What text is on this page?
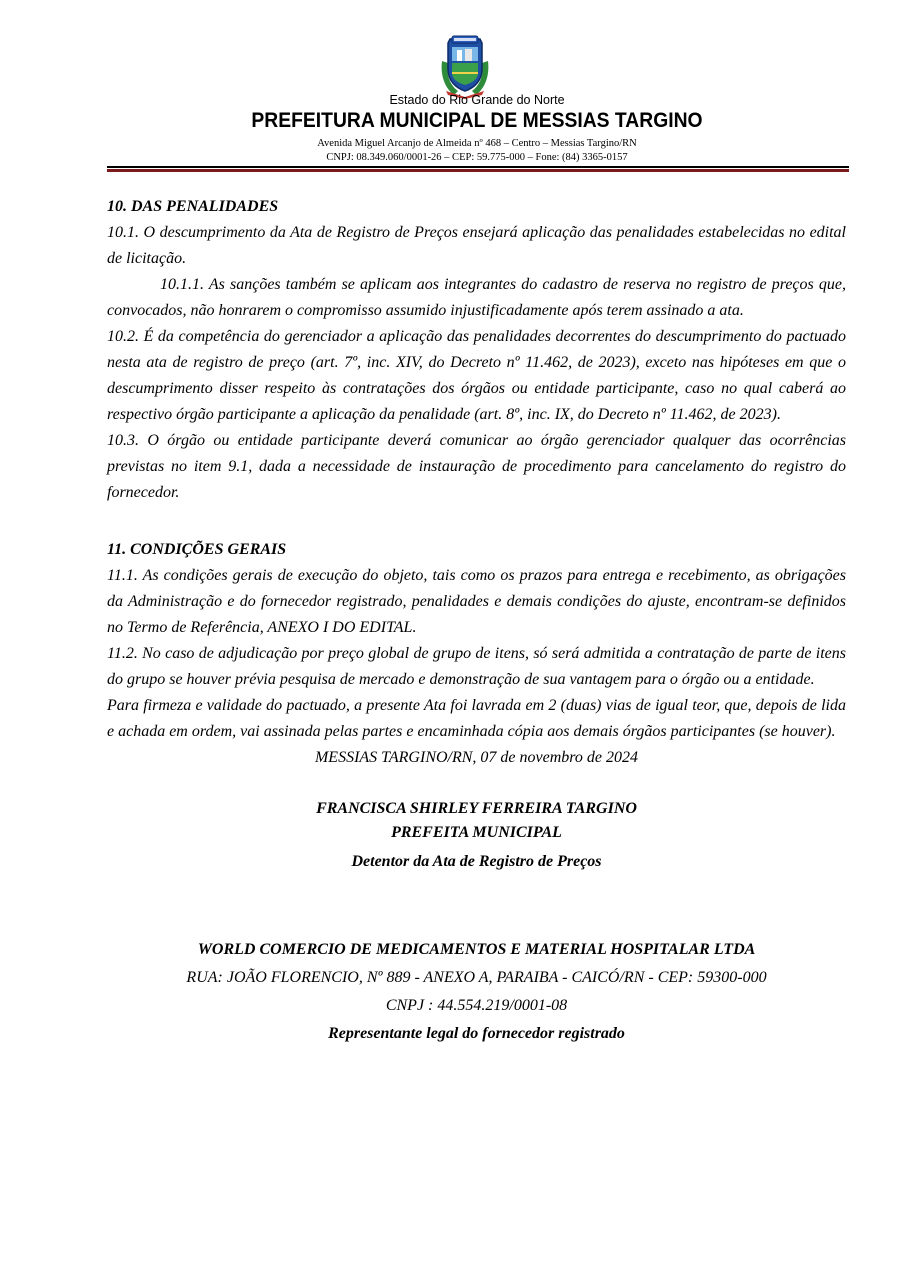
Estado do Rio Grande do Norte
PREFEITURA MUNICIPAL DE MESSIAS TARGINO
Avenida Miguel Arcanjo de Almeida nº 468 – Centro – Messias Targino/RN
CNPJ: 08.349.060/0001-26 – CEP: 59.775-000 – Fone: (84) 3365-0157

10. DAS PENALIDADES

10.1. O descumprimento da Ata de Registro de Preços ensejará aplicação das penalidades estabelecidas no edital de licitação.

10.1.1. As sanções também se aplicam aos integrantes do cadastro de reserva no registro de preços que, convocados, não honrarem o compromisso assumido injustificadamente após terem assinado a ata.

10.2. É da competência do gerenciador a aplicação das penalidades decorrentes do descumprimento do pactuado nesta ata de registro de preço (art. 7º, inc. XIV, do Decreto nº 11.462, de 2023), exceto nas hipóteses em que o descumprimento disser respeito às contratações dos órgãos ou entidade participante, caso no qual caberá ao respectivo órgão participante a aplicação da penalidade (art. 8º, inc. IX, do Decreto nº 11.462, de 2023).

10.3. O órgão ou entidade participante deverá comunicar ao órgão gerenciador qualquer das ocorrências previstas no item 9.1, dada a necessidade de instauração de procedimento para cancelamento do registro do fornecedor.

11. CONDIÇÕES GERAIS

11.1. As condições gerais de execução do objeto, tais como os prazos para entrega e recebimento, as obrigações da Administração e do fornecedor registrado, penalidades e demais condições do ajuste, encontram-se definidos no Termo de Referência, ANEXO I DO EDITAL.

11.2. No caso de adjudicação por preço global de grupo de itens, só será admitida a contratação de parte de itens do grupo se houver prévia pesquisa de mercado e demonstração de sua vantagem para o órgão ou a entidade.

Para firmeza e validade do pactuado, a presente Ata foi lavrada em 2 (duas) vias de igual teor, que, depois de lida e achada em ordem, vai assinada pelas partes e encaminhada cópia aos demais órgãos participantes (se houver).

MESSIAS TARGINO/RN, 07 de novembro de 2024

FRANCISCA SHIRLEY FERREIRA TARGINO

PREFEITA MUNICIPAL

Detentor da Ata de Registro de Preços

WORLD COMERCIO DE MEDICAMENTOS E MATERIAL HOSPITALAR LTDA

RUA: JOÃO FLORENCIO, Nº 889 - ANEXO A, PARAIBA - CAICÓ/RN - CEP: 59300-000

CNPJ : 44.554.219/0001-08

Representante legal do fornecedor registrado
